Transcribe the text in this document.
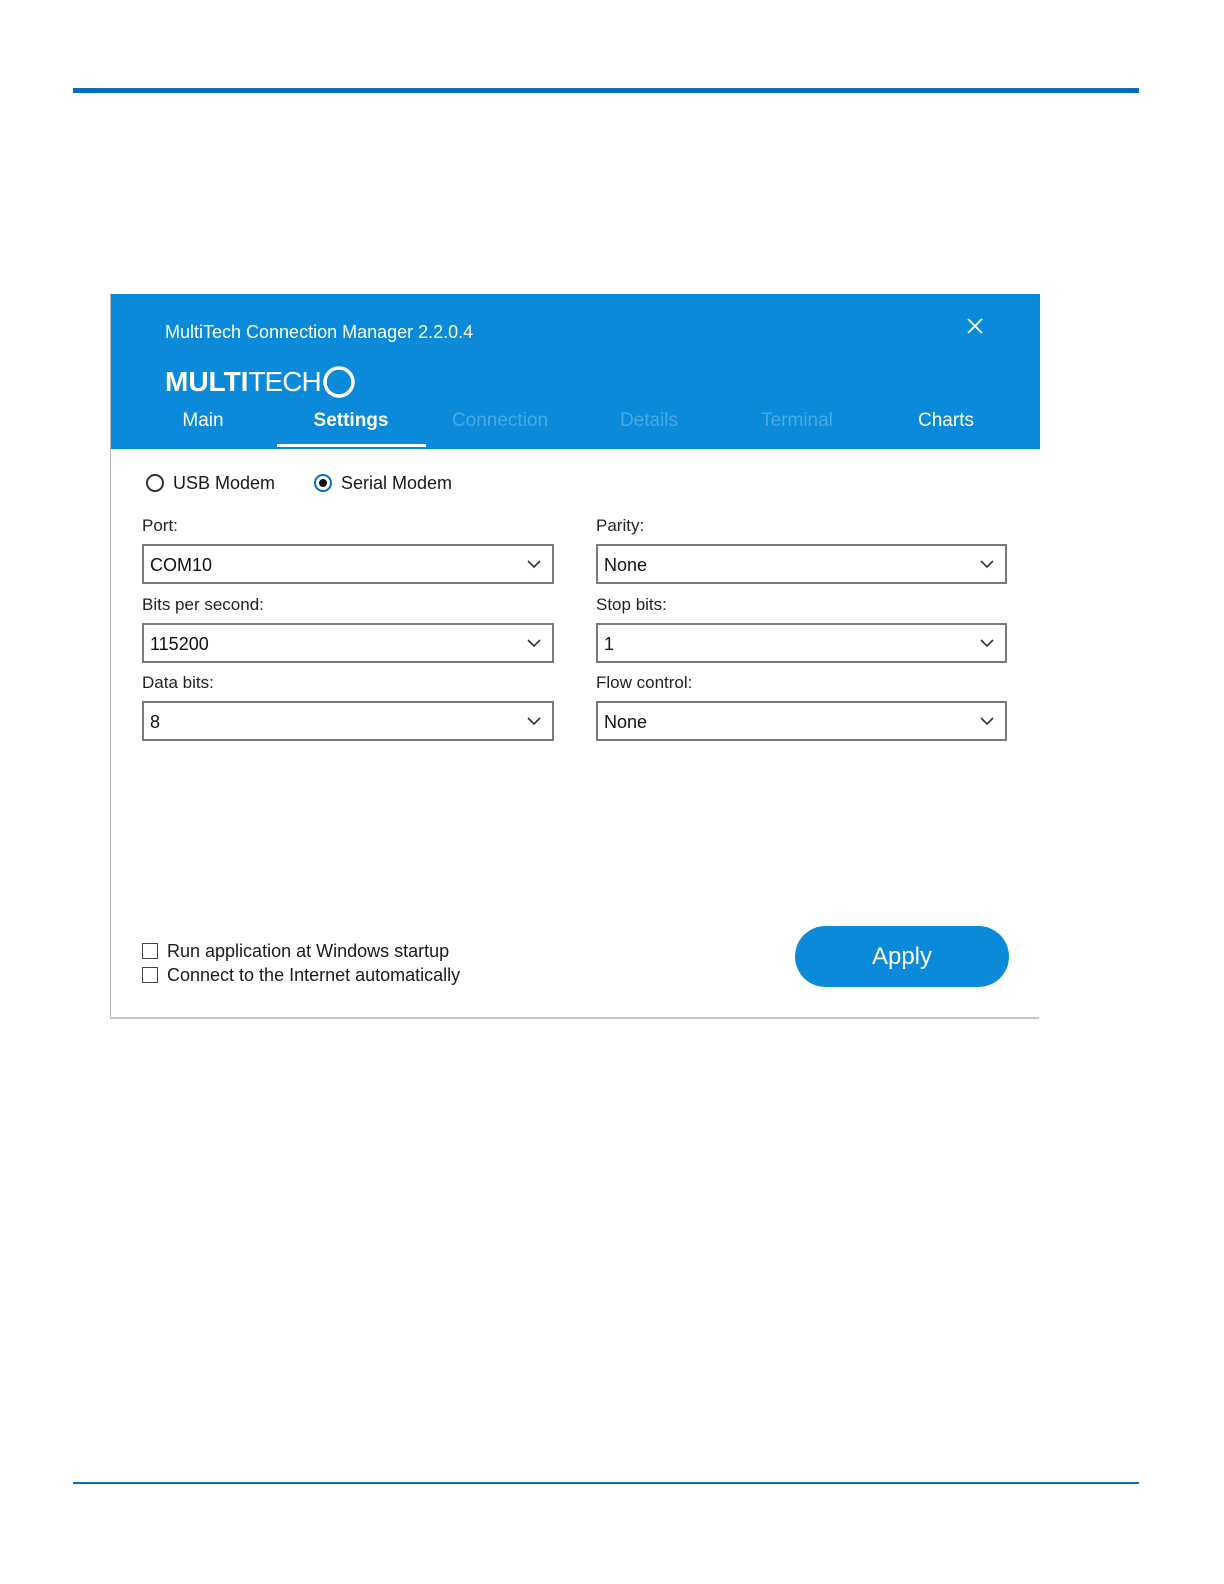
MultiTech Connection Manager 2.2.0.4
MULTI TECH
Main	Settings	Connection	Details	Terminal	Charts
USB Modem	Serial Modem
Port:
COM10
Bits per second:
115200
Data bits:
8
Parity:
None
Stop bits:
1
Flow control:
None
Run application at Windows startup
Connect to the Internet automatically
Apply
